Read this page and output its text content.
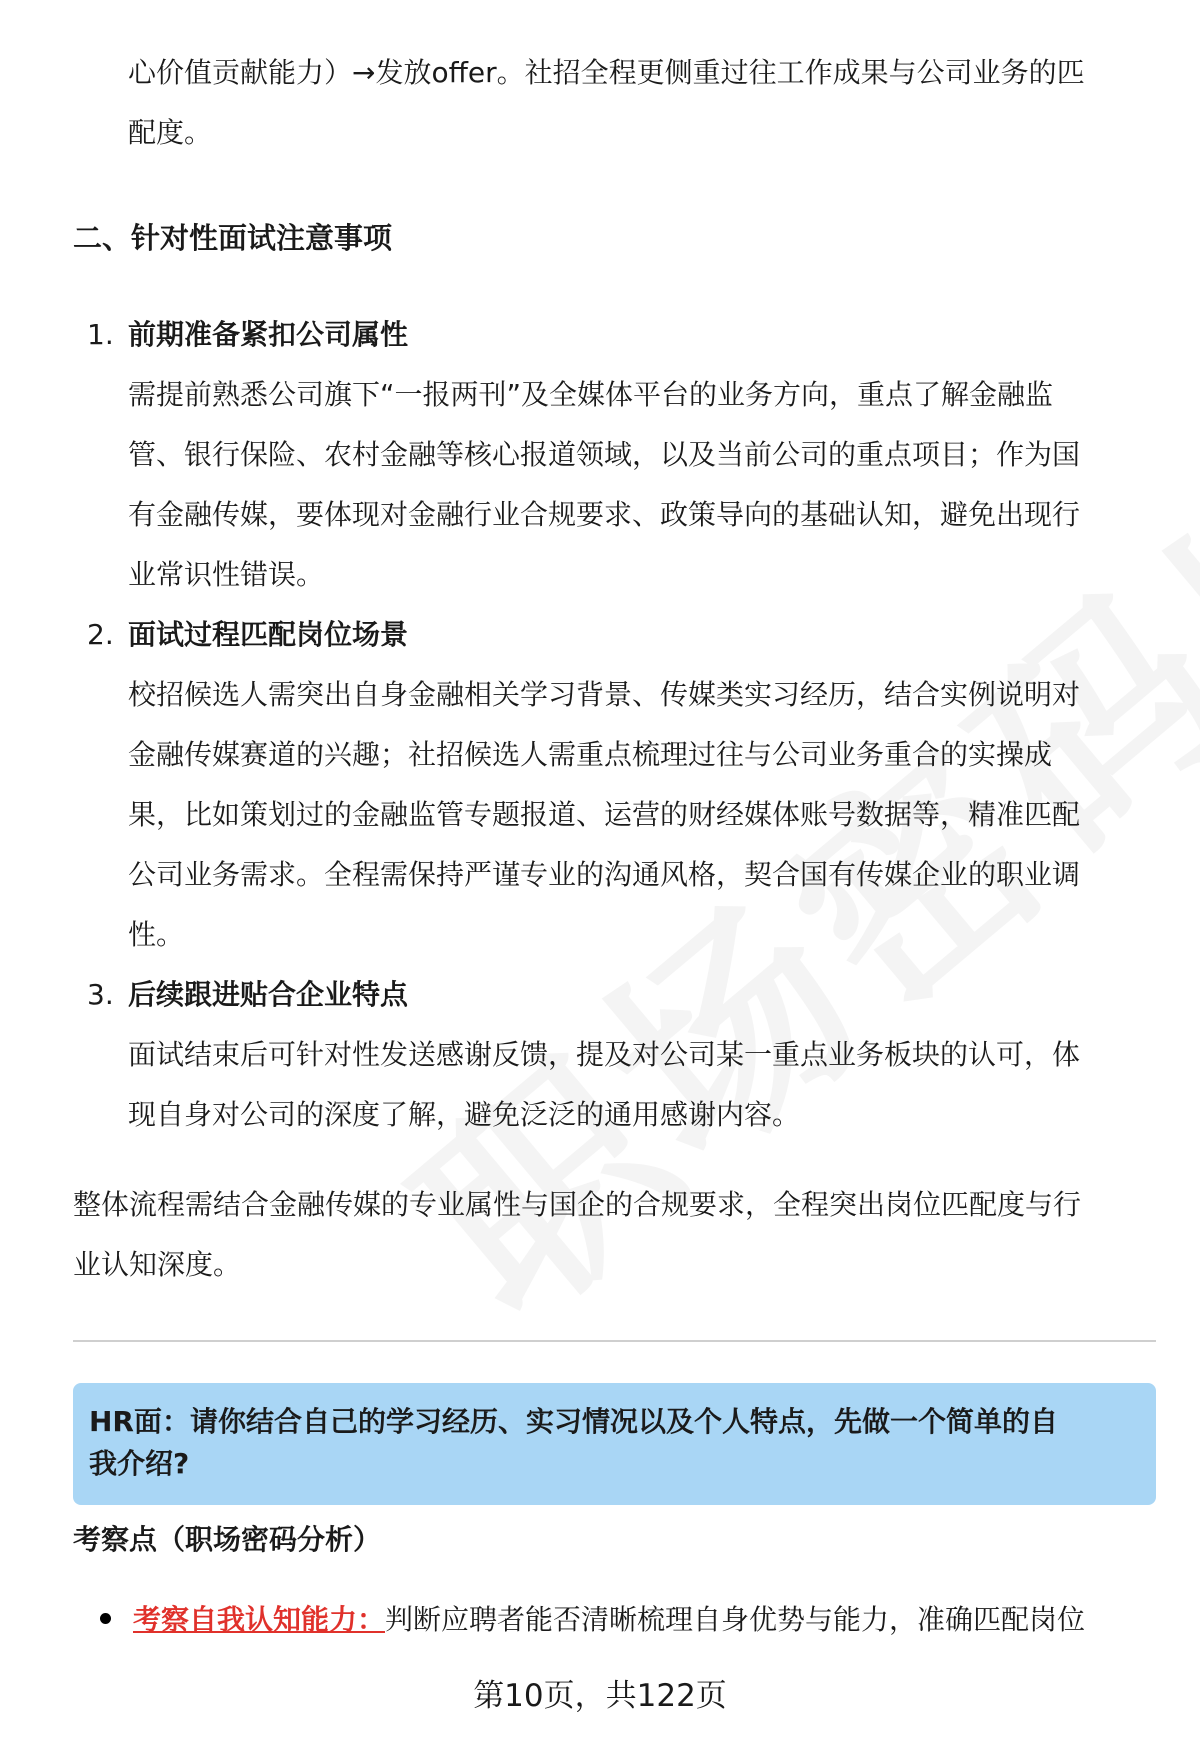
心价值贡献能力）→发放offer。社招全程更侧重过往工作成果与公司业务的匹
配度。
二、针对性面试注意事项
1. 前期准备紧扣公司属性
需提前熟悉公司旗下“一报两刊”及全媒体平台的业务方向，重点了解金融监
管、银行保险、农村金融等核心报道领域，以及当前公司的重点项目；作为国
有金融传媒，要体现对金融行业合规要求、政策导向的基础认知，避免出现行
业常识性错误。
2. 面试过程匹配岗位场景
校招候选人需突出自身金融相关学习背景、传媒类实习经历，结合实例说明对
金融传媒赛道的兴趣；社招候选人需重点梳理过往与公司业务重合的实操成
果，比如策划过的金融监管专题报道、运营的财经媒体账号数据等，精准匹配
公司业务需求。全程需保持严谨专业的沟通风格，契合国有传媒企业的职业调
性。
3. 后续跟进贴合企业特点
面试结束后可针对性发送感谢反馈，提及对公司某一重点业务板块的认可，体
现自身对公司的深度了解，避免泛泛的通用感谢内容。
整体流程需结合金融传媒的专业属性与国企的合规要求，全程突出岗位匹配度与行
业认知深度。
HR面：请你结合自己的学习经历、实习情况以及个人特点，先做一个简单的自
我介绍?
考察点（职场密码分析）
考察自我认知能力：判断应聘者能否清晰梳理自身优势与能力，准确匹配岗位
第10页，共122页
